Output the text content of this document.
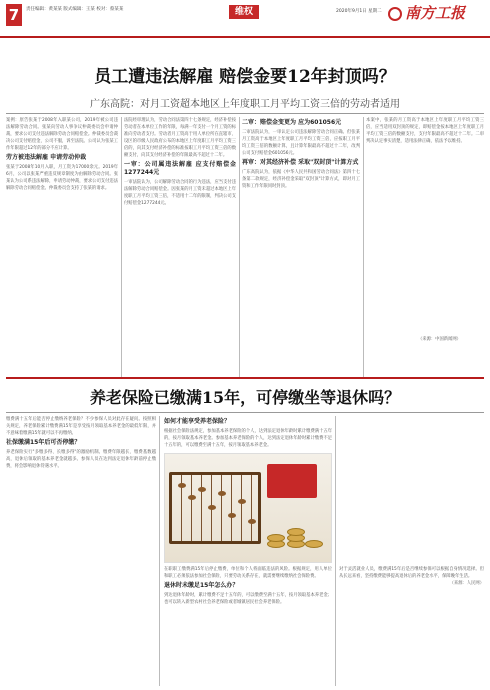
7	责任编辑：黄某某 版式编辑：王某 校对：蔡某某	维权	2020年9月1日 星期二	南方工报
员工遭违法解雇 赔偿金要12年封顶吗？
广东高院：对月工资超本地区上年度职工月平均工资三倍的劳动者适用

案例：原告张某于2008年入职某公司，2019年被公司违法解除劳动合同。张某向劳动人事争议仲裁委员会申请仲裁，要求公司支付违法解除劳动合同赔偿金。仲裁委员会裁决公司支付赔偿金，公司不服，诉至法院。公司认为张某工作年限超过12年的部分不应计算。

劳方被违法解雇 申请劳动仲裁

张某于2008年10月入职，月工资为17000余元。2019年6月，公司以张某严重违反规章制度为由解除劳动合同。张某认为公司系违法解除，申请劳动仲裁，要求公司支付违法解除劳动合同赔偿金。仲裁委员会支持了张某的请求。

法院经审理认为，劳动合同法第四十七条规定，经济补偿按劳动者在本单位工作的年限，每满一年支付一个月工资的标准向劳动者支付。劳动者月工资高于用人单位所在直辖市、设区的市级人民政府公布的本地区上年度职工月平均工资三倍的，向其支付经济补偿的标准按职工月平均工资三倍的数额支付，向其支付经济补偿的年限最高不超过十二年。

一审：公司属违法解雇 应支付赔偿金1277244元

一审法院认为，公司解除劳动合同的行为违法，应当支付违法解除劳动合同赔偿金。因张某的月工资未超过本地区上年度职工月平均工资三倍，不适用十二年的限制，判决公司支付赔偿金1277244元。

二审：赔偿金变更为 应为601056元

二审法院认为，一审认定公司违法解除劳动合同正确。但张某月工资高于本地区上年度职工月平均工资三倍，应按职工月平均工资三倍的数额计算，且计算年限最高不超过十二年，改判公司支付赔偿金601056元。

再审：对其经济补偿 采取"双封顶"计算方式

广东高院认为，依据《中华人民共和国劳动合同法》第四十七条第二款规定，经济补偿金采取"双封顶"计算方式，即对月工资和工作年限同时封顶。

本案中，张某的月工资高于本地区上年度职工月平均工资三倍，应当适用双封顶的规定，即赔偿金按本地区上年度职工月平均工资三倍的数额支付，支付年限最高不超过十二年。二审判决认定事实清楚，适用法律正确，依法予以维持。

（来源：中国新闻网）
养老保险已缴满15年，可停缴坐等退休吗？

缴费满十五年后能否停止缴纳养老保险？不少参保人员对此存在疑问。按照相关规定，养老保险累计缴费满15年是享受按月领取基本养老金的最低年限，并不意味着缴满15年就可以不再缴纳。

社保缴满15年后可否停缴？

养老保险实行"多缴多得、长缴多得"的激励机制。缴费年限越长、缴费基数越高，退休后领取的基本养老金就越多。参保人员在达到法定退休年龄前停止缴费，将会影响退休待遇水平。

如何才能享受养老保险？

根据社会保险法规定，参加基本养老保险的个人，达到法定退休年龄时累计缴费满十五年的，按月领取基本养老金。参加基本养老保险的个人，达到法定退休年龄时累计缴费不足十五年的，可以缴费至满十五年，按月领取基本养老金。

在职职工缴费满15年后停止缴费，单位和个人将面临违法的风险。根据规定，用人单位和职工必须依法参加社会保险，只要劳动关系存在，就需要继续缴纳社会保险费。

退休时未缴足15年怎么办？

到达退休年龄时，累计缴费不足十五年的，可以缴费至满十五年，按月领取基本养老金；也可以转入新型农村社会养老保险或者城镇居民社会养老保险。

对于灵活就业人员，缴费满15年后是否继续参保可以根据自身情况选择。但从长远来看，坚持缴费能够提高退休后的养老金水平，保障晚年生活。

（来源：人民网）
